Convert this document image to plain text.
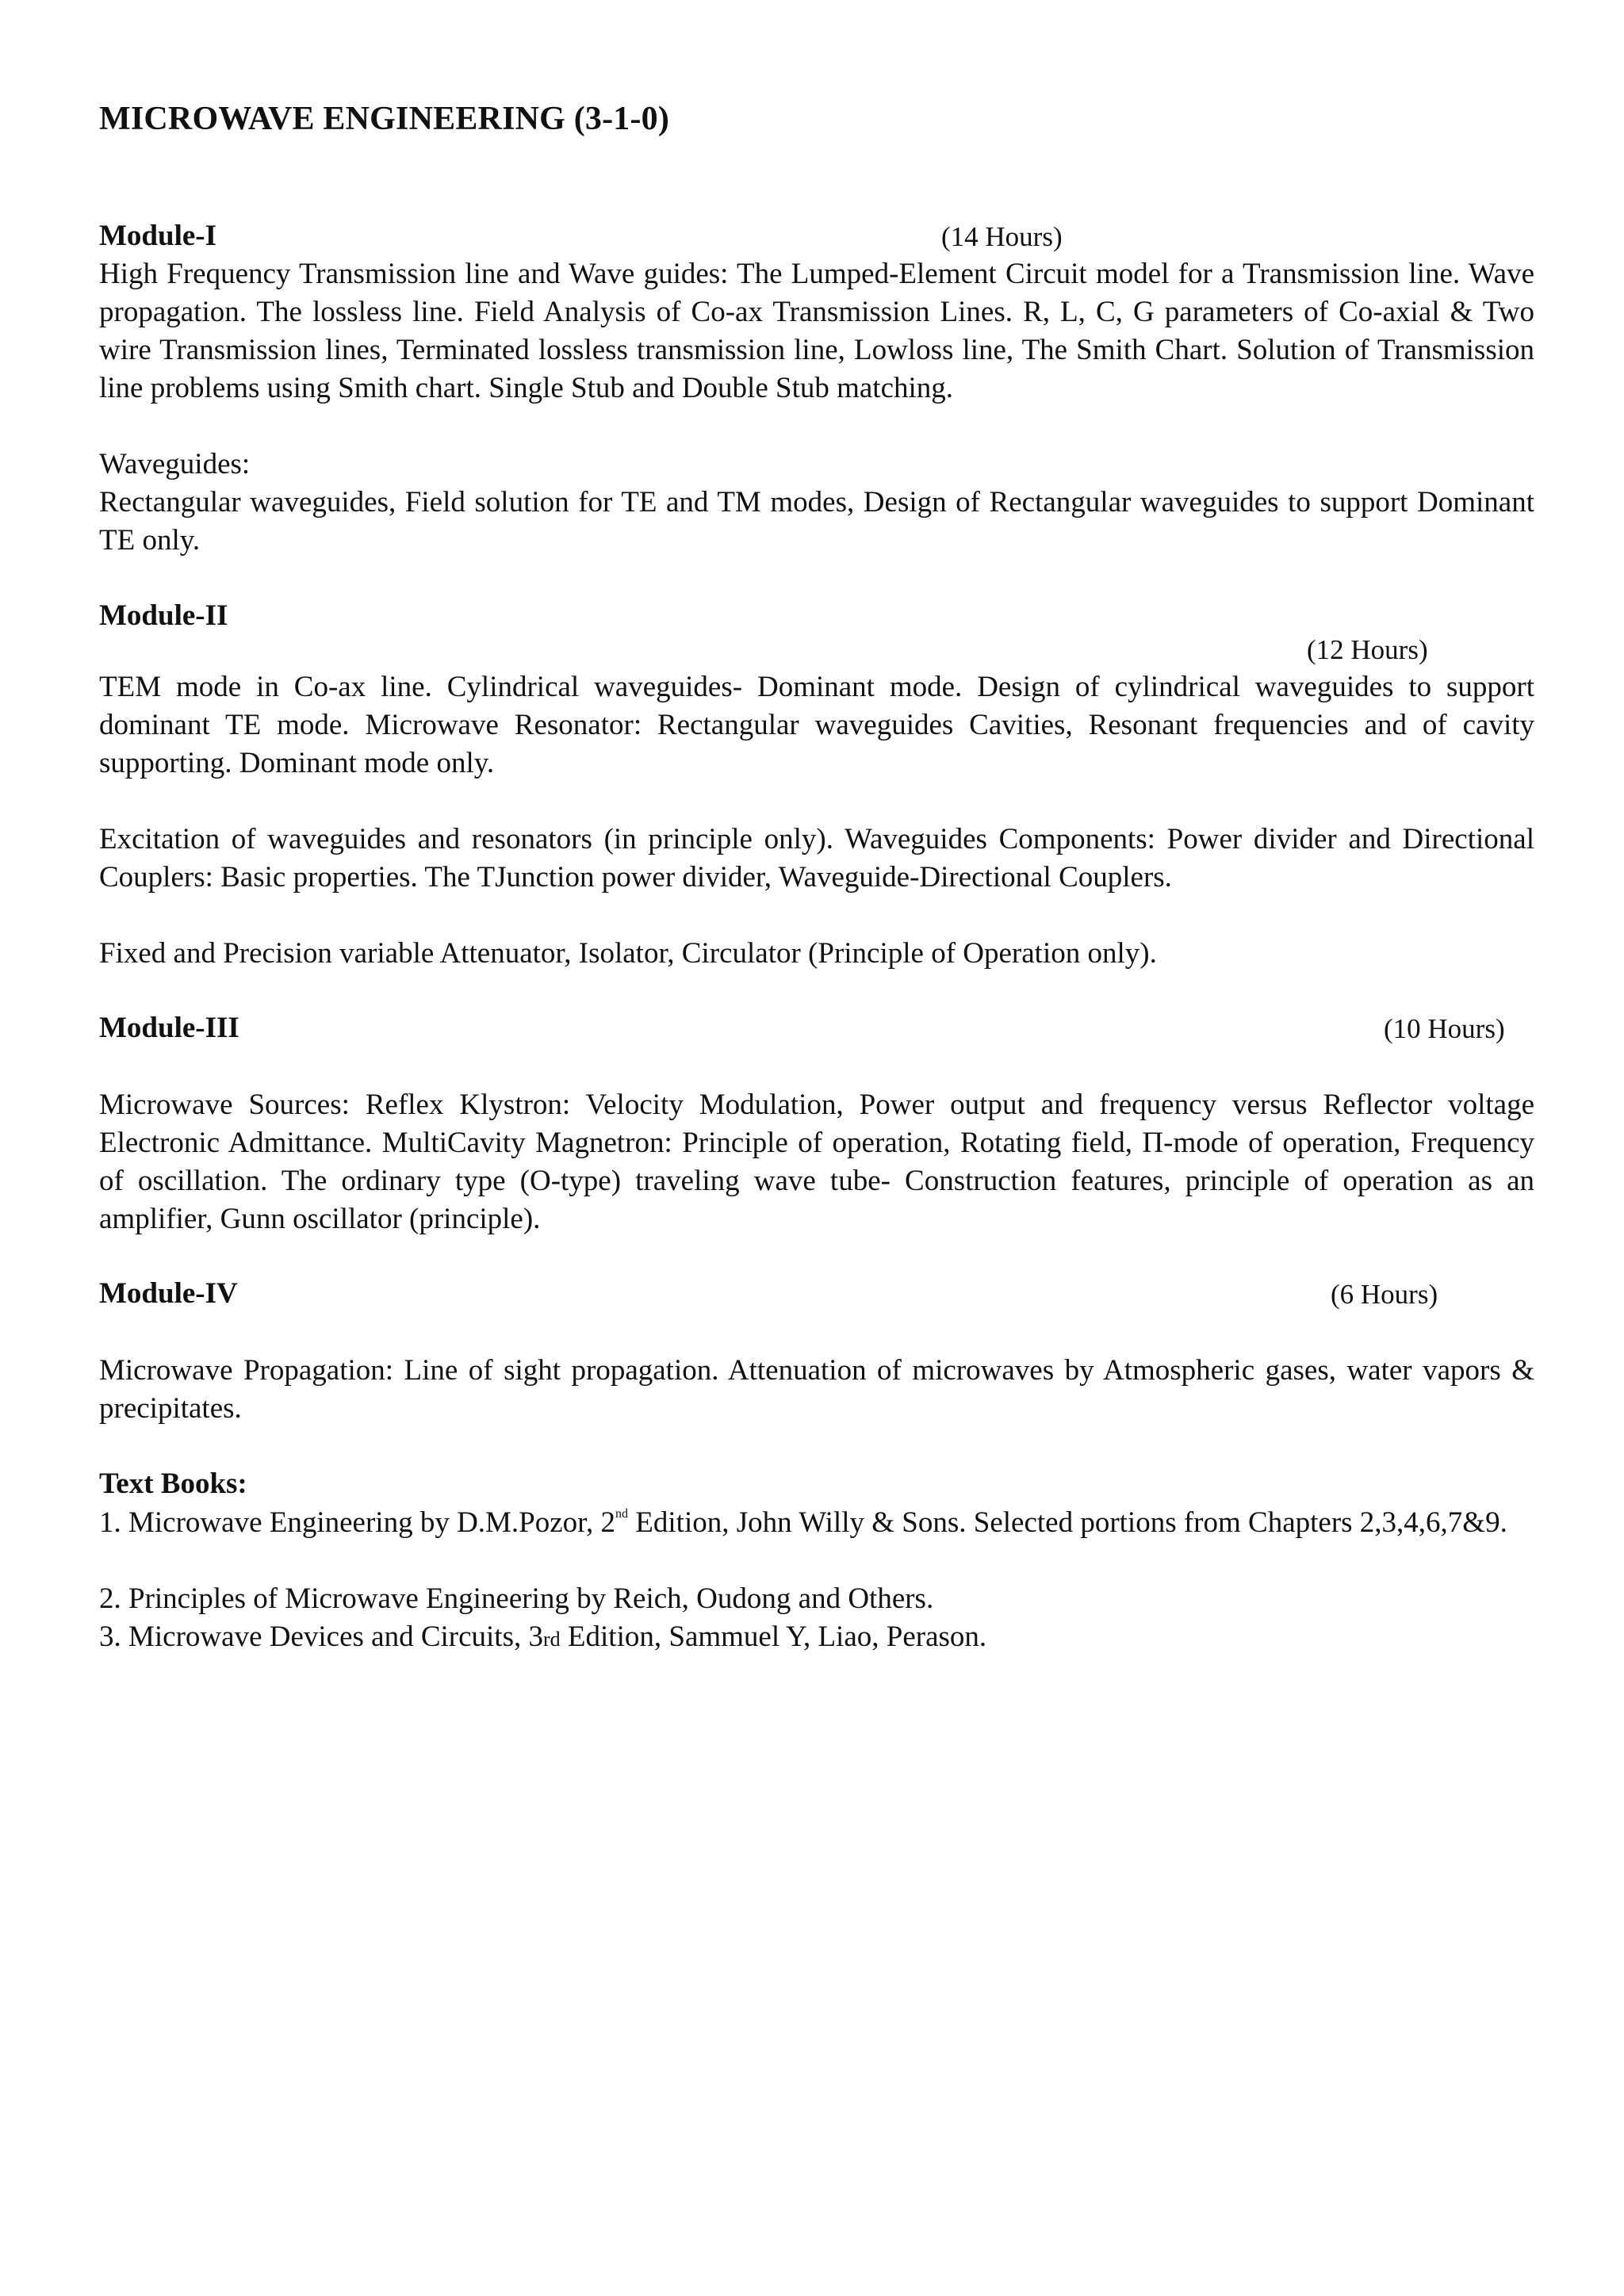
MICROWAVE ENGINEERING (3-1-0)
Module-I	(14 Hours)
High Frequency Transmission line and Wave guides: The Lumped-Element Circuit model for a Transmission line. Wave propagation. The lossless line. Field Analysis of Co-ax Transmission Lines. R, L, C, G parameters of Co-axial & Two wire Transmission lines, Terminated lossless transmission line, Lowloss line, The Smith Chart. Solution of Transmission line problems using Smith chart. Single Stub and Double Stub matching.
Waveguides:
Rectangular waveguides, Field solution for TE and TM modes, Design of Rectangular waveguides to support Dominant TE only.
Module-II
(12 Hours)
TEM mode in Co-ax line. Cylindrical waveguides- Dominant mode. Design of cylindrical waveguides to support dominant TE mode. Microwave Resonator: Rectangular waveguides Cavities, Resonant frequencies and of cavity supporting. Dominant mode only.
Excitation of waveguides and resonators (in principle only). Waveguides Components: Power divider and Directional Couplers: Basic properties. The TJunction power divider, Waveguide-Directional Couplers.
Fixed and Precision variable Attenuator, Isolator, Circulator (Principle of Operation only).
Module-III	(10 Hours)
Microwave Sources: Reflex Klystron: Velocity Modulation, Power output and frequency versus Reflector voltage Electronic Admittance. MultiCavity Magnetron: Principle of operation, Rotating field, Π-mode of operation, Frequency of oscillation. The ordinary type (O-type) traveling wave tube- Construction features, principle of operation as an amplifier, Gunn oscillator (principle).
Module-IV	(6 Hours)
Microwave Propagation: Line of sight propagation. Attenuation of microwaves by Atmospheric gases, water vapors & precipitates.
Text Books:
1. Microwave Engineering by D.M.Pozor, 2nd Edition, John Willy & Sons. Selected portions from Chapters 2,3,4,6,7&9.
2. Principles of Microwave Engineering by Reich, Oudong and Others.
3. Microwave Devices and Circuits, 3rd Edition, Sammuel Y, Liao, Perason.
